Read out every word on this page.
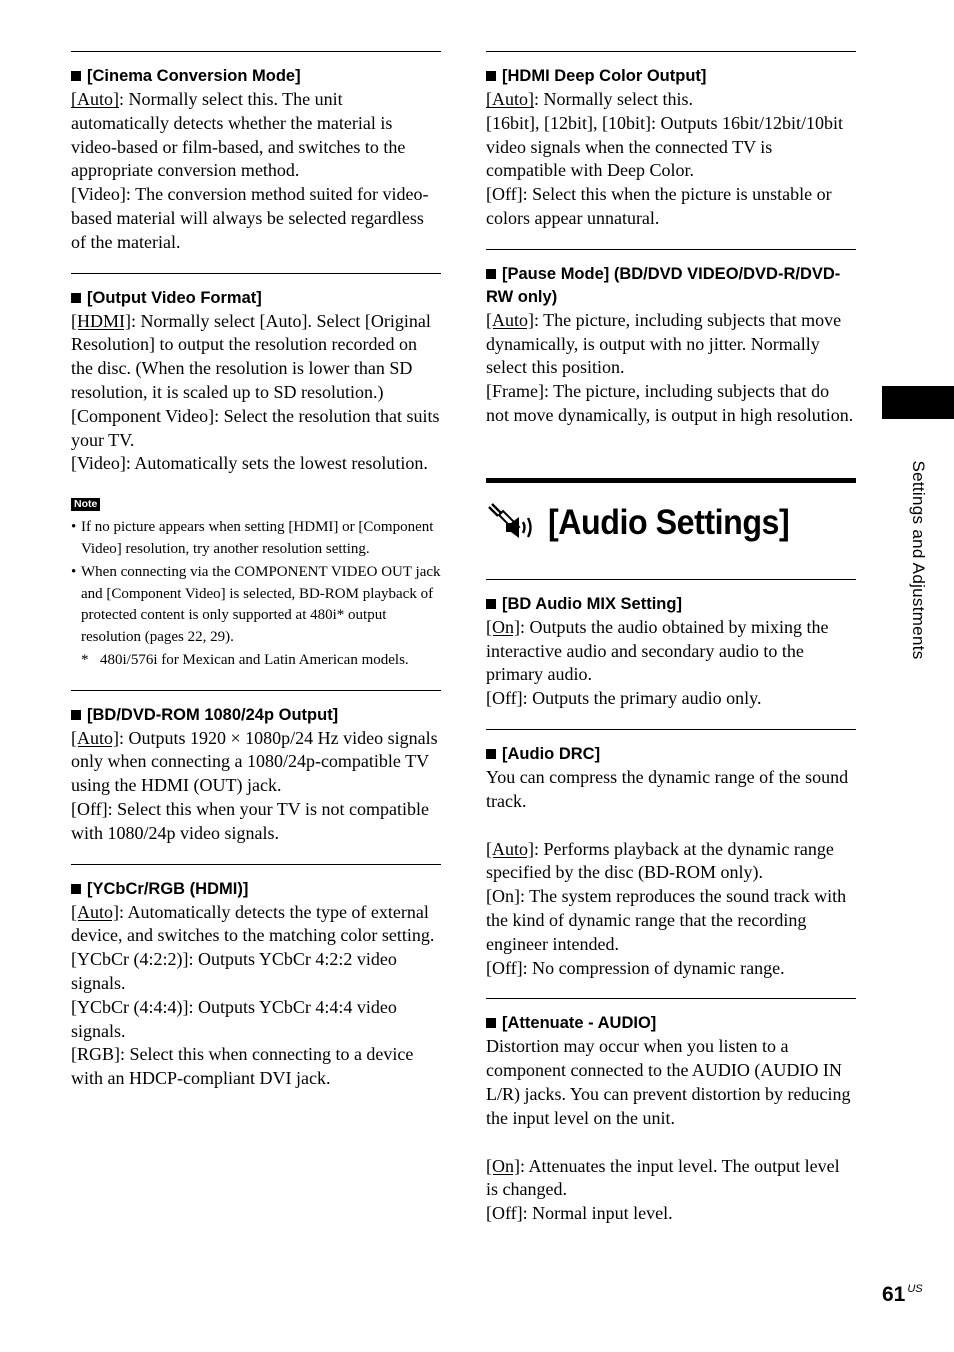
[Cinema Conversion Mode]

[Auto]: Normally select this. The unit automatically detects whether the material is video-based or film-based, and switches to the appropriate conversion method.

[Video]: The conversion method suited for video-based material will always be selected regardless of the material.

[Output Video Format]

[HDMI]: Normally select [Auto]. Select [Original Resolution] to output the resolution recorded on the disc. (When the resolution is lower than SD resolution, it is scaled up to SD resolution.)

[Component Video]: Select the resolution that suits your TV.

[Video]: Automatically sets the lowest resolution.

Note
• If no picture appears when setting [HDMI] or [Component Video] resolution, try another resolution setting.
• When connecting via the COMPONENT VIDEO OUT jack and [Component Video] is selected, BD-ROM playback of protected content is only supported at 480i* output resolution (pages 22, 29).
* 480i/576i for Mexican and Latin American models.
[BD/DVD-ROM 1080/24p Output]

[Auto]: Outputs 1920 × 1080p/24 Hz video signals only when connecting a 1080/24p-compatible TV using the HDMI (OUT) jack.

[Off]: Select this when your TV is not compatible with 1080/24p video signals.

[YCbCr/RGB (HDMI)]

[Auto]: Automatically detects the type of external device, and switches to the matching color setting.

[YCbCr (4:2:2)]: Outputs YCbCr 4:2:2 video signals.

[YCbCr (4:4:4)]: Outputs YCbCr 4:4:4 video signals.

[RGB]: Select this when connecting to a device with an HDCP-compliant DVI jack.

[HDMI Deep Color Output]

[Auto]: Normally select this.

[16bit], [12bit], [10bit]: Outputs 16bit/12bit/10bit video signals when the connected TV is compatible with Deep Color.

[Off]: Select this when the picture is unstable or colors appear unnatural.

[Pause Mode] (BD/DVD VIDEO/DVD-R/DVD-RW only)

[Auto]: The picture, including subjects that move dynamically, is output with no jitter. Normally select this position.

[Frame]: The picture, including subjects that do not move dynamically, is output in high resolution.

[Audio Settings]
[BD Audio MIX Setting]

[On]: Outputs the audio obtained by mixing the interactive audio and secondary audio to the primary audio.

[Off]: Outputs the primary audio only.

[Audio DRC]

You can compress the dynamic range of the sound track.

[Auto]: Performs playback at the dynamic range specified by the disc (BD-ROM only).

[On]: The system reproduces the sound track with the kind of dynamic range that the recording engineer intended.

[Off]: No compression of dynamic range.

[Attenuate - AUDIO]

Distortion may occur when you listen to a component connected to the AUDIO (AUDIO IN L/R) jacks. You can prevent distortion by reducing the input level on the unit.

[On]: Attenuates the input level. The output level is changed.

[Off]: Normal input level.

Settings and Adjustments
61 $^{US}$
